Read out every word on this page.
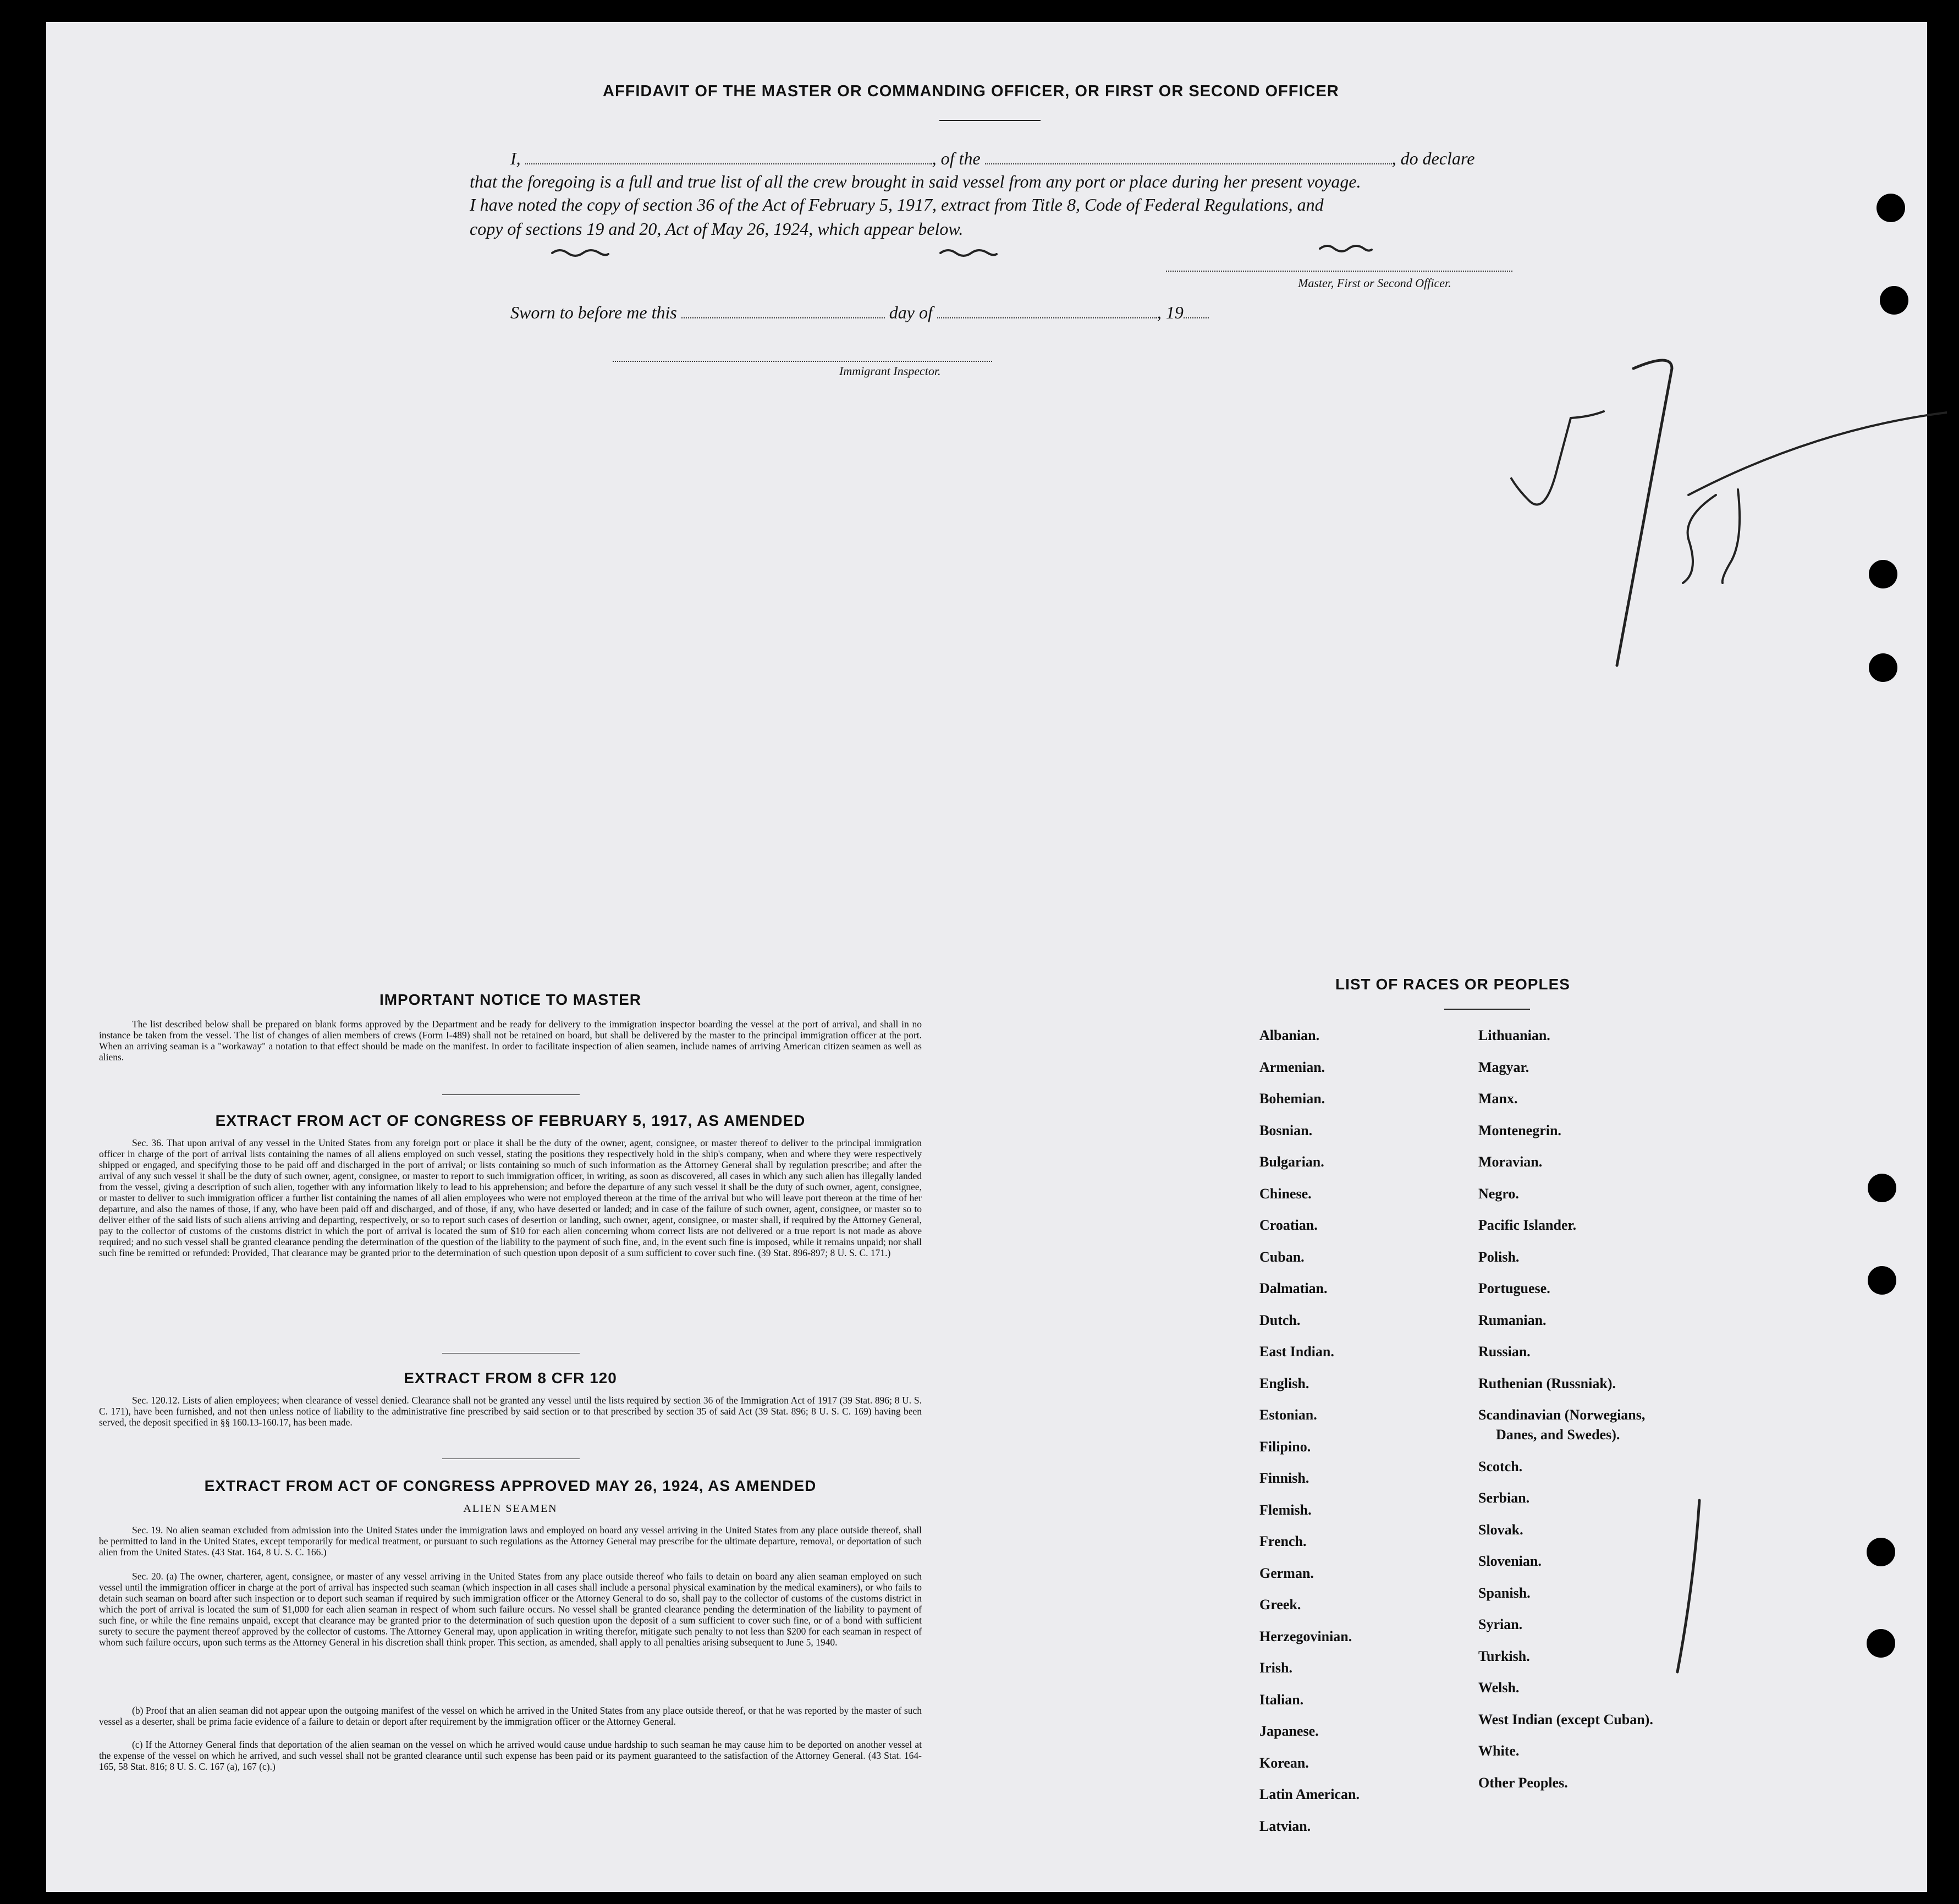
AFFIDAVIT OF THE MASTER OR COMMANDING OFFICER, OR FIRST OR SECOND OFFICER
I,	, of the	, do declare
that the foregoing is a full and true list of all the crew brought in said vessel from any port or place during her present voyage.
I have noted the copy of section 36 of the Act of February 5, 1917, extract from Title 8, Code of Federal Regulations, and
copy of sections 19 and 20, Act of May 26, 1924, which appear below.
Master, First or Second Officer.
Sworn to before me this	day of	, 19
Immigrant Inspector.
IMPORTANT NOTICE TO MASTER
The list described below shall be prepared on blank forms approved by the Department and be ready for delivery to the immigration inspector boarding the vessel at the port of arrival, and shall in no instance be taken from the vessel. The list of changes of alien members of crews (Form I-489) shall not be retained on board, but shall be delivered by the master to the principal immigration officer at the port. When an arriving seaman is a "workaway" a notation to that effect should be made on the manifest. In order to facilitate inspection of alien seamen, include names of arriving American citizen seamen as well as aliens.
EXTRACT FROM ACT OF CONGRESS OF FEBRUARY 5, 1917, AS AMENDED
Sec. 36. That upon arrival of any vessel in the United States from any foreign port or place it shall be the duty of the owner, agent, consignee, or master thereof to deliver to the principal immigration officer in charge of the port of arrival lists containing the names of all aliens employed on such vessel, stating the positions they respectively hold in the ship's company, when and where they were respectively shipped or engaged, and specifying those to be paid off and discharged in the port of arrival; or lists containing so much of such information as the Attorney General shall by regulation prescribe; and after the arrival of any such vessel it shall be the duty of such owner, agent, consignee, or master to report to such immigration officer, in writing, as soon as discovered, all cases in which any such alien has illegally landed from the vessel, giving a description of such alien, together with any information likely to lead to his apprehension; and before the departure of any such vessel it shall be the duty of such owner, agent, consignee, or master to deliver to such immigration officer a further list containing the names of all alien employees who were not employed thereon at the time of the arrival but who will leave port thereon at the time of her departure, and also the names of those, if any, who have been paid off and discharged, and of those, if any, who have deserted or landed; and in case of the failure of such owner, agent, consignee, or master so to deliver either of the said lists of such aliens arriving and departing, respectively, or so to report such cases of desertion or landing, such owner, agent, consignee, or master shall, if required by the Attorney General, pay to the collector of customs of the customs district in which the port of arrival is located the sum of $10 for each alien concerning whom correct lists are not delivered or a true report is not made as above required; and no such vessel shall be granted clearance pending the determination of the question of the liability to the payment of such fine, and, in the event such fine is imposed, while it remains unpaid; nor shall such fine be remitted or refunded: Provided, That clearance may be granted prior to the determination of such question upon deposit of a sum sufficient to cover such fine. (39 Stat. 896-897; 8 U. S. C. 171.)
EXTRACT FROM 8 CFR 120
Sec. 120.12. Lists of alien employees; when clearance of vessel denied. Clearance shall not be granted any vessel until the lists required by section 36 of the Immigration Act of 1917 (39 Stat. 896; 8 U. S. C. 171), have been furnished, and not then unless notice of liability to the administrative fine prescribed by said section or to that prescribed by section 35 of said Act (39 Stat. 896; 8 U. S. C. 169) having been served, the deposit specified in §§ 160.13-160.17, has been made.
EXTRACT FROM ACT OF CONGRESS APPROVED MAY 26, 1924, AS AMENDED
ALIEN SEAMEN
Sec. 19. No alien seaman excluded from admission into the United States under the immigration laws and employed on board any vessel arriving in the United States from any place outside thereof, shall be permitted to land in the United States, except temporarily for medical treatment, or pursuant to such regulations as the Attorney General may prescribe for the ultimate departure, removal, or deportation of such alien from the United States. (43 Stat. 164, 8 U. S. C. 166.)
Sec. 20. (a) The owner, charterer, agent, consignee, or master of any vessel arriving in the United States from any place outside thereof who fails to detain on board any alien seaman employed on such vessel until the immigration officer in charge at the port of arrival has inspected such seaman (which inspection in all cases shall include a personal physical examination by the medical examiners), or who fails to detain such seaman on board after such inspection or to deport such seaman if required by such immigration officer or the Attorney General to do so, shall pay to the collector of customs of the customs district in which the port of arrival is located the sum of $1,000 for each alien seaman in respect of whom such failure occurs. No vessel shall be granted clearance pending the determination of the liability to payment of such fine, or while the fine remains unpaid, except that clearance may be granted prior to the determination of such question upon the deposit of a sum sufficient to cover such fine, or of a bond with sufficient surety to secure the payment thereof approved by the collector of customs. The Attorney General may, upon application in writing therefor, mitigate such penalty to not less than $200 for each seaman in respect of whom such failure occurs, upon such terms as the Attorney General in his discretion shall think proper. This section, as amended, shall apply to all penalties arising subsequent to June 5, 1940.
(b) Proof that an alien seaman did not appear upon the outgoing manifest of the vessel on which he arrived in the United States from any place outside thereof, or that he was reported by the master of such vessel as a deserter, shall be prima facie evidence of a failure to detain or deport after requirement by the immigration officer or the Attorney General.
(c) If the Attorney General finds that deportation of the alien seaman on the vessel on which he arrived would cause undue hardship to such seaman he may cause him to be deported on another vessel at the expense of the vessel on which he arrived, and such vessel shall not be granted clearance until such expense has been paid or its payment guaranteed to the satisfaction of the Attorney General. (43 Stat. 164-165, 58 Stat. 816; 8 U. S. C. 167 (a), 167 (c).)
LIST OF RACES OR PEOPLES
Albanian.
Armenian.
Bohemian.
Bosnian.
Bulgarian.
Chinese.
Croatian.
Cuban.
Dalmatian.
Dutch.
East Indian.
English.
Estonian.
Filipino.
Finnish.
Flemish.
French.
German.
Greek.
Herzegovinian.
Irish.
Italian.
Japanese.
Korean.
Latin American.
Latvian.
Lithuanian.
Magyar.
Manx.
Montenegrin.
Moravian.
Negro.
Pacific Islander.
Polish.
Portuguese.
Rumanian.
Russian.
Ruthenian (Russniak).
Scandinavian (Norwegians,
Danes, and Swedes).
Scotch.
Serbian.
Slovak.
Slovenian.
Spanish.
Syrian.
Turkish.
Welsh.
West Indian (except Cuban).
White.
Other Peoples.
